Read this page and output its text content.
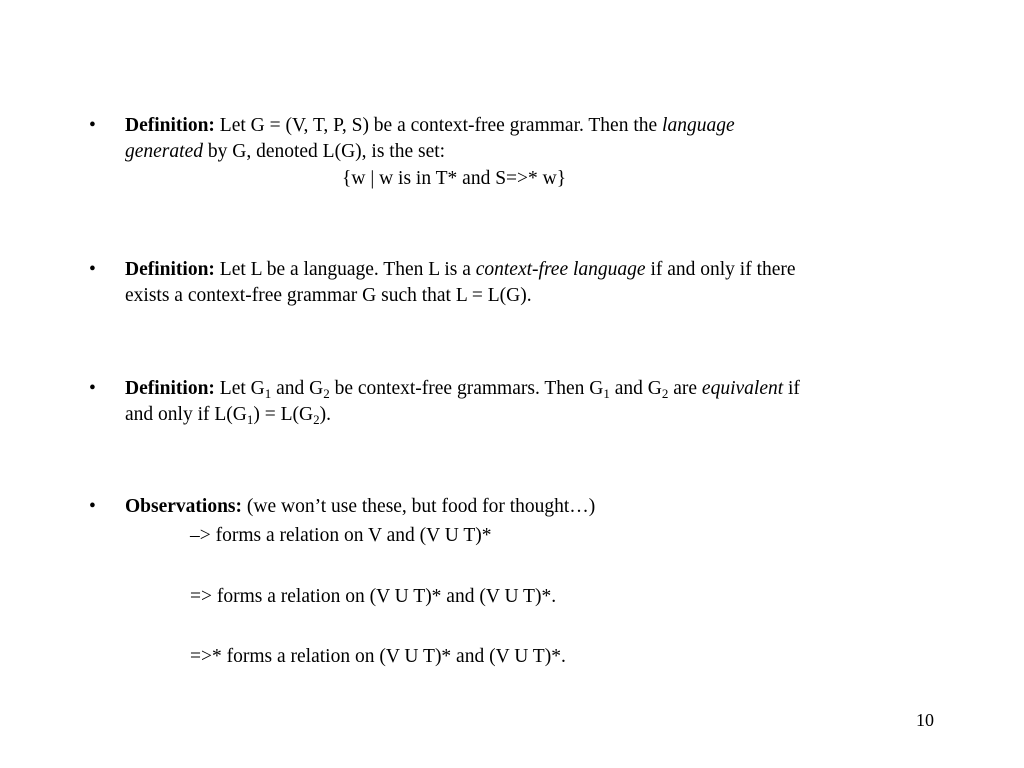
• Definition: Let G = (V, T, P, S) be a context-free grammar. Then the language
generated by G, denoted L(G), is the set:
{w | w is in T* and S=>* w}
• Definition: Let L be a language. Then L is a context-free language if and only if there
exists a context-free grammar G such that L = L(G).
• Definition: Let $G_1$ and $G_2$ be context-free grammars. Then $G_1$ and $G_2$ are equivalent if
and only if $L(G_1) = L(G_2)$.
• Observations: (we won’t use these, but food for thought…)
–> forms a relation on V and (V U T)*
=> forms a relation on (V U T)* and (V U T)*.
=>* forms a relation on (V U T)* and (V U T)*.
10
